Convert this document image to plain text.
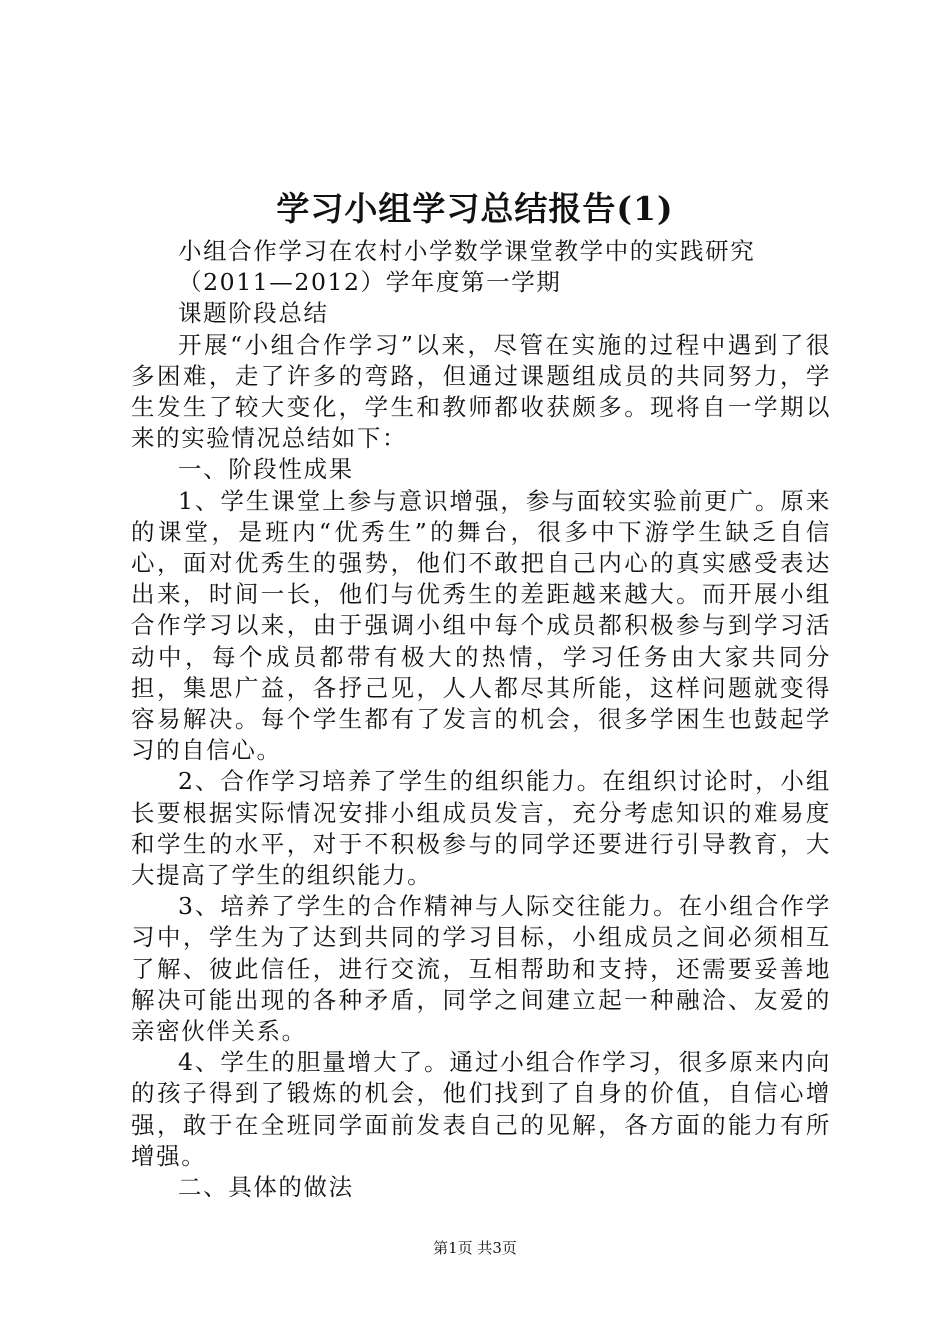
学习小组学习总结报告(1)

小组合作学习在农村小学数学课堂教学中的实践研究

（2011—2012）学年度第一学期

课题阶段总结

开展“小组合作学习”以来，尽管在实施的过程中遇到了很多困难，走了许多的弯路，但通过课题组成员的共同努力，学生发生了较大变化，学生和教师都收获颇多。现将自一学期以来的实验情况总结如下：

一、阶段性成果

1、学生课堂上参与意识增强，参与面较实验前更广。原来的课堂，是班内“优秀生”的舞台，很多中下游学生缺乏自信心，面对优秀生的强势，他们不敢把自己内心的真实感受表达出来，时间一长，他们与优秀生的差距越来越大。而开展小组合作学习以来，由于强调小组中每个成员都积极参与到学习活动中，每个成员都带有极大的热情，学习任务由大家共同分担，集思广益，各抒己见，人人都尽其所能，这样问题就变得容易解决。每个学生都有了发言的机会，很多学困生也鼓起学习的自信心。

2、合作学习培养了学生的组织能力。在组织讨论时，小组长要根据实际情况安排小组成员发言，充分考虑知识的难易度和学生的水平，对于不积极参与的同学还要进行引导教育，大大提高了学生的组织能力。

3、培养了学生的合作精神与人际交往能力。在小组合作学习中，学生为了达到共同的学习目标，小组成员之间必须相互了解、彼此信任，进行交流，互相帮助和支持，还需要妥善地解决可能出现的各种矛盾，同学之间建立起一种融洽、友爱的亲密伙伴关系。

4、学生的胆量增大了。通过小组合作学习，很多原来内向的孩子得到了锻炼的机会，他们找到了自身的价值，自信心增强，敢于在全班同学面前发表自己的见解，各方面的能力有所增强。

二、具体的做法

第1页 共3页
